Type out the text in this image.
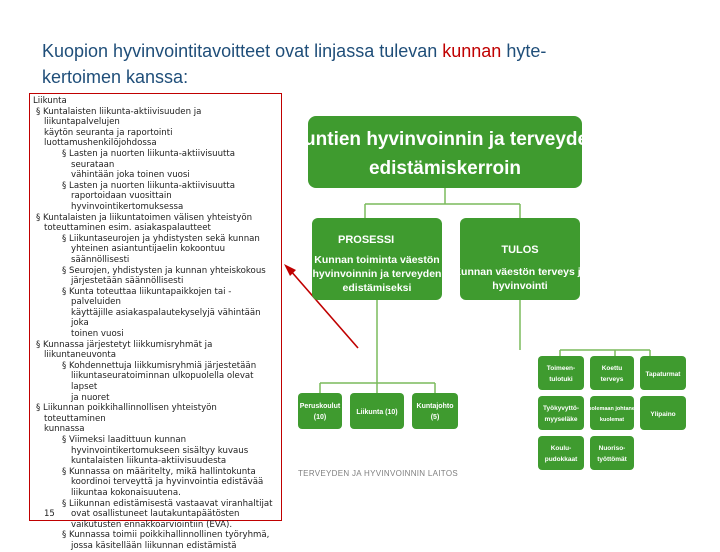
Kuopion hyvinvointitavoitteet ovat linjassa tulevan kunnan hyte-
kertoimen kanssa:

Liikunta

§ Kuntalaisten liikunta-aktiivisuuden ja liikuntapalvelujen

käytön seuranta ja raportointi luottamushenkilöjohdossa

§ Lasten ja nuorten liikunta-aktiivisuutta seurataan

vähintään joka toinen vuosi

§ Lasten ja nuorten liikunta-aktiivisuutta

raportoidaan vuosittain

hyvinvointikertomuksessa

§ Kuntalaisten ja liikuntatoimen välisen yhteistyön

toteuttaminen esim. asiakaspalautteet

§ Liikuntaseurojen ja yhdistysten sekä kunnan

yhteinen asiantuntijaelin kokoontuu

säännöllisesti

§ Seurojen, yhdistysten ja kunnan yhteiskokous

järjestetään säännöllisesti

§ Kunta toteuttaa liikuntapaikkojen tai -palveluiden

käyttäjille asiakaspalautekyselyjä vähintään joka

toinen vuosi

§ Kunnassa järjestetyt liikkumisryhmät ja liikuntaneuvonta

§ Kohdennettuja liikkumisryhmiä järjestetään

liikuntaseuratoiminnan ulkopuolella olevat lapset

ja nuoret

§ Liikunnan poikkihallinnollisen yhteistyön toteuttaminen

kunnassa

§ Viimeksi laadittuun kunnan

hyvinvointikertomukseen sisältyy kuvaus

kuntalaisten liikunta-aktiivisuudesta

§ Kunnassa on määritelty, mikä hallintokunta

koordinoi terveyttä ja hyvinvointia edistävää

liikuntaa kokonaisuutena.

§ Liikunnan edistämisestä vastaavat viranhaltijat

ovat osallistuneet lautakuntapäätösten

vaikutusten ennakkoarviointiin (EVA).

§ Kunnassa toimii poikkihallinnollinen työryhmä,

jossa käsitellään liikunnan edistämistä

15
Kuntien hyvinvoinnin ja terveyden
edistämiskerroin
PROSESSI
Kunnan toiminta väestön
hyvinvoinnin ja terveyden
edistämiseksi
TULOS
Kunnan väestön terveys ja
hyvinvointi
Peruskoulut
(10)
Liikunta (10)
Kuntajohto
(5)
Toimeen-
tulotuki
Koettu
terveys
Tapaturmat
Työkyvyttö-
myyseläke
Kuolemaan johtaneet
kuolemat
Ylipaino
Koulu-
pudokkaat
Nuoriso-
työttömät
TERVEYDEN JA HYVINVOINNIN LAITOS
